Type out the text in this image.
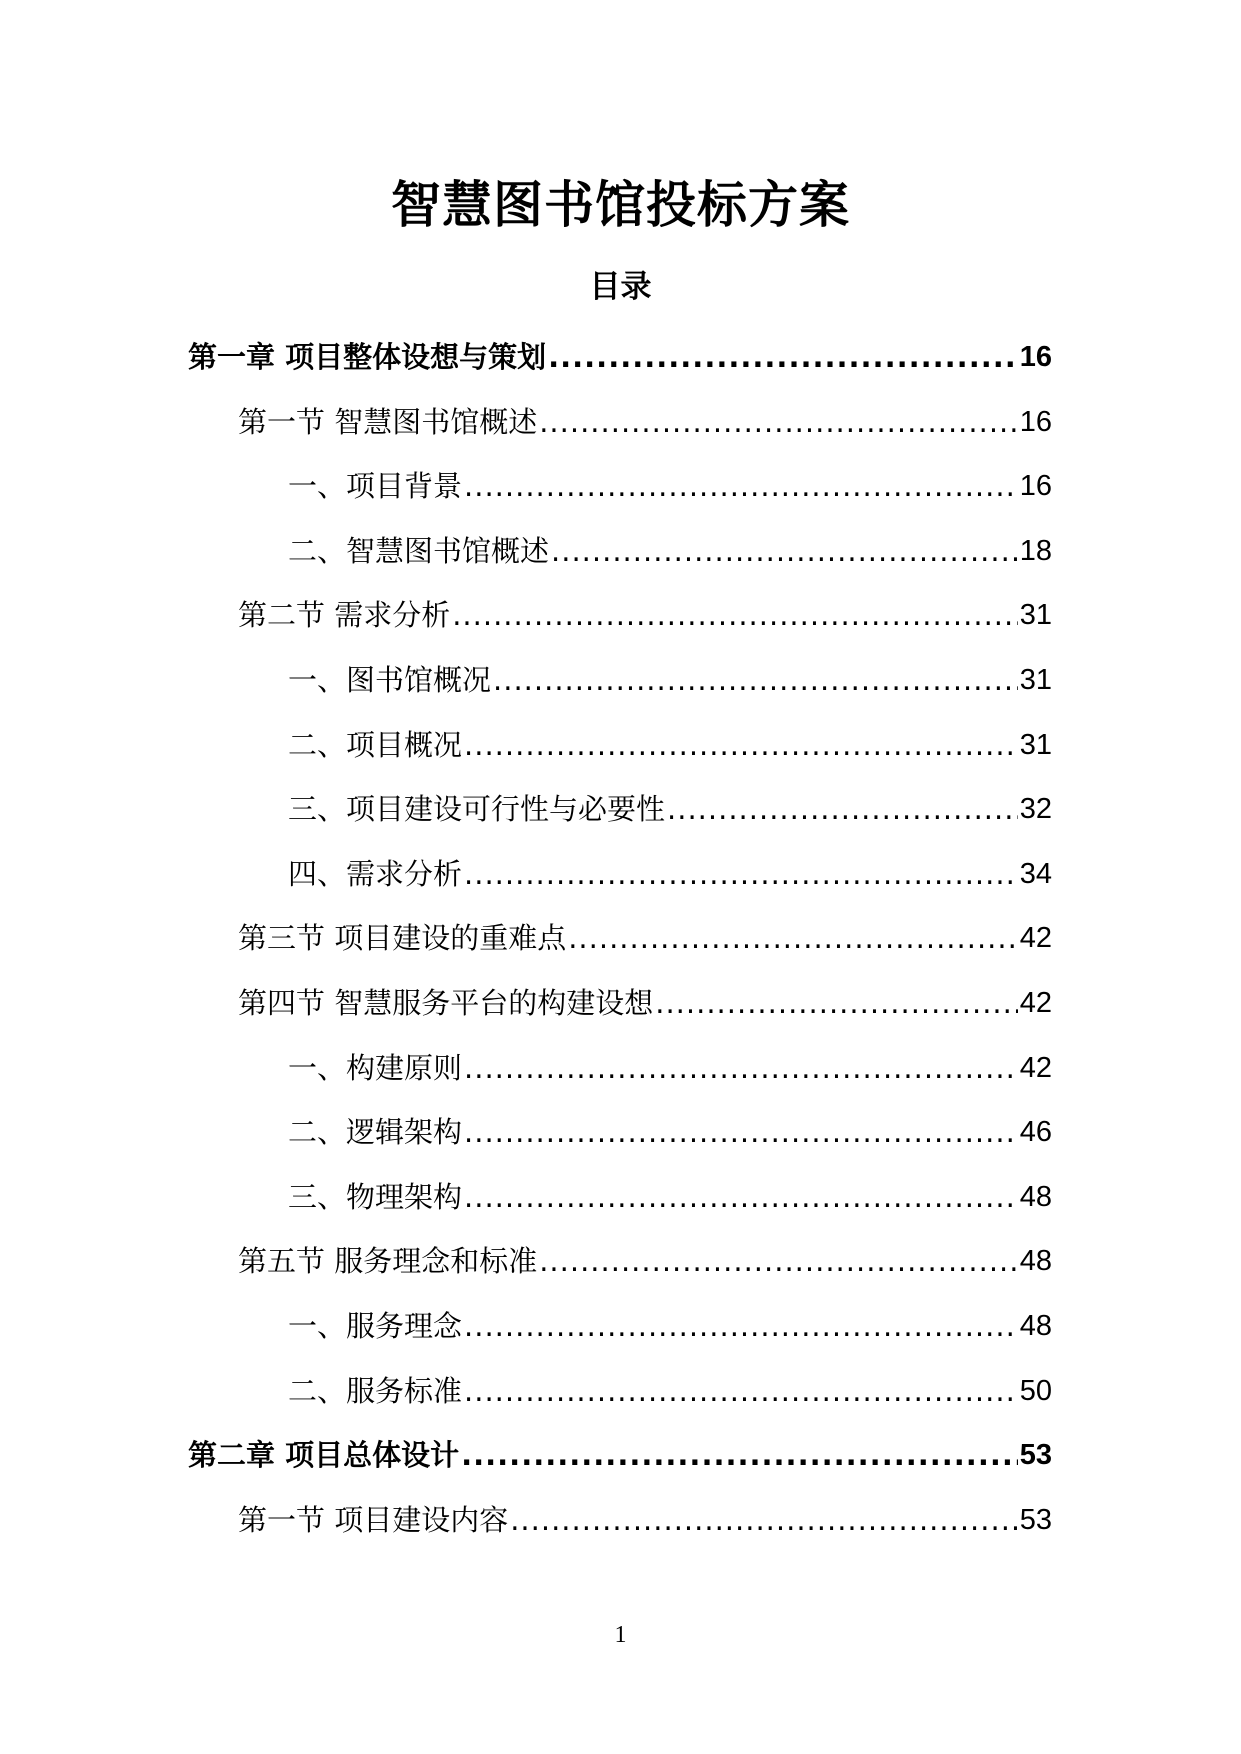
智慧图书馆投标方案
目录
第一章 项目整体设想与策划 .....	16
第一节 智慧图书馆概述 .....	16
一、项目背景 .....	16
二、智慧图书馆概述 .....	18
第二节 需求分析 .....	31
一、图书馆概况 .....	31
二、项目概况 .....	31
三、项目建设可行性与必要性 .....	32
四、需求分析 .....	34
第三节 项目建设的重难点 .....	42
第四节 智慧服务平台的构建设想 .....	42
一、构建原则 .....	42
二、逻辑架构 .....	46
三、物理架构 .....	48
第五节 服务理念和标准 .....	48
一、服务理念 .....	48
二、服务标准 .....	50
第二章 项目总体设计 .....	53
第一节 项目建设内容 .....	53
1
